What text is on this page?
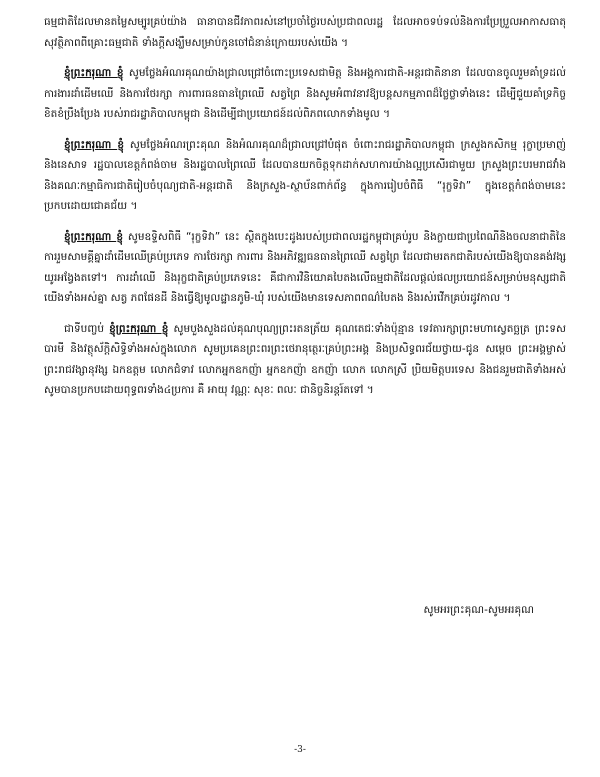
ធម្មជាតិដែលមានតម្លៃសម្បូរគ្រប់យ៉ាង ធានាបានជីវភាពរស់នៅប្រចាំថ្ងៃរបស់ប្រជាពលរដ្ឋ ដែលអាចទប់ទល់និងការប្រែប្រួលអាកាសធាតុ សុវត្ថិភាពពីគ្រោះធម្មជាតិ ទាំងក្តីសង្ឃឹមសម្រាប់កូនចៅជំនាន់ក្រោយរបស់យើង ។

ខ្ញុំព្រះករុណា ខ្ញុំ សូមថ្លែងអំណរគុណយ៉ាងជ្រាលជ្រៅចំពោះប្រទេសជាមិត្ត និងអង្គការជាតិ-អន្តរជាតិនានា ដែលបានចូលរួមគាំទ្រដល់ការងារដាំដើមឈើ និងការថែរក្សា ការពារធនធានព្រៃឈើ សត្វព្រៃ និងសូមអំពាវនាវឱ្យបន្តសកម្មភាពដ៏ថ្លៃថ្លាទាំងនេះ ដើម្បីជួយគាំទ្រកិច្ចខិតខំប្រឹងប្រែង របស់រាជរដ្ឋាភិបាលកម្ពុជា និងដើម្បីជាប្រយោជន៍ដល់ពិភពលោកទាំងមូល ។

ខ្ញុំព្រះករុណា ខ្ញុំ សូមថ្លែងអំណរព្រះគុណ និងអំណរគុណដ៏ជ្រាលជ្រៅបំផុត ចំពោះរាជរដ្ឋាភិបាលកម្ពុជា ក្រសួងកសិកម្ម រុក្ខាប្រមាញ់ និងនេសាទ រដ្ឋបាលខេត្តកំពង់ចាម និងរដ្ឋបាលព្រៃឈើ ដែលបានយកចិត្តទុកដាក់សហការយ៉ាងល្អប្រសើរជាមួយ ក្រសួងព្រះបរមរាជវាំង និងគណៈកម្មាធិការជាតិរៀបចំបុណ្យជាតិ-អន្តរជាតិ និងក្រសួង-ស្ថាប័នពាក់ព័ន្ធ ក្នុងការរៀបចំពិធី “រុក្ខទិវា” ក្នុងខេត្តកំពង់ចាមនេះ ប្រកបដោយជោគជ័យ ។

ខ្ញុំព្រះករុណា ខ្ញុំ សូមឧទ្ទិសពិធី “រុក្ខទិវា” នេះ ស្ថិតក្នុងបេះដូងរបស់ប្រជាពលរដ្ឋកម្ពុជាគ្រប់រូប និងក្លាយជាប្រពៃណីនិងចលនាជាតិនៃការរួមសាមគ្គីគ្នាដាំដើមឈើគ្រប់ប្រភេទ ការថែរក្សា ការពារ និងអភិវឌ្ឍធនធានព្រៃឈើ សត្វព្រៃ ដែលជាមរតកជាតិរបស់យើងឱ្យបានគង់វង្សយូរអង្វែងតទៅ។ ការដាំឈើ និងរុក្ខជាតិគ្រប់ប្រភេទនេះ គឺជាការវិនិយោគបៃតងលើធម្មជាតិដែលផ្តល់ផលប្រយោជន៍សម្រាប់មនុស្សជាតិយើងទាំងអស់គ្នា សត្វ ភពផែនដី និងធ្វើឱ្យមូលដ្ឋានភូមិ-ឃុំ របស់យើងមានទេសភាពពណ៌បៃតង និងរស់រវើកគ្រប់រដូវកាល ។

ជាទីបញ្ចប់ ខ្ញុំព្រះករុណា ខ្ញុំ សូមបួងសួងដល់គុណបុណ្យព្រះរតនត្រ័យ គុណតេជៈទាំងប៉ុន្មាន ទេវតារក្សាព្រះមហាស្វេតច្ឆត្រ ព្រះទសបារមី និងវត្ថុស័ក្តិសិទ្ធិទាំងអស់ក្នុងលោក សូមប្រគេនព្រះពរព្រះថេរានុត្ថេរៈគ្រប់ព្រះអង្គ និងប្រសិទ្ធពរជ័យថ្វាយ-ជូន សម្តេច ព្រះអង្គម្ចាស់ ព្រះរាជវង្សានុវង្ស ឯកឧត្តម លោកជំទាវ លោកអ្នកឧកញ៉ា អ្នកឧកញ៉ា ឧកញ៉ា លោក លោកស្រី ប្រិយមិត្តបរទេស និងជនរួមជាតិទាំងអស់ សូមបានប្រកបដោយពុទ្ធពរទាំង៤ប្រការ គឺ អាយុ វណ្ណៈ សុខៈ ពលៈ ជានិច្ចនិរន្តរ៍តទៅ ។

សូមអរព្រះគុណ-សូមអរគុណ
-3-
